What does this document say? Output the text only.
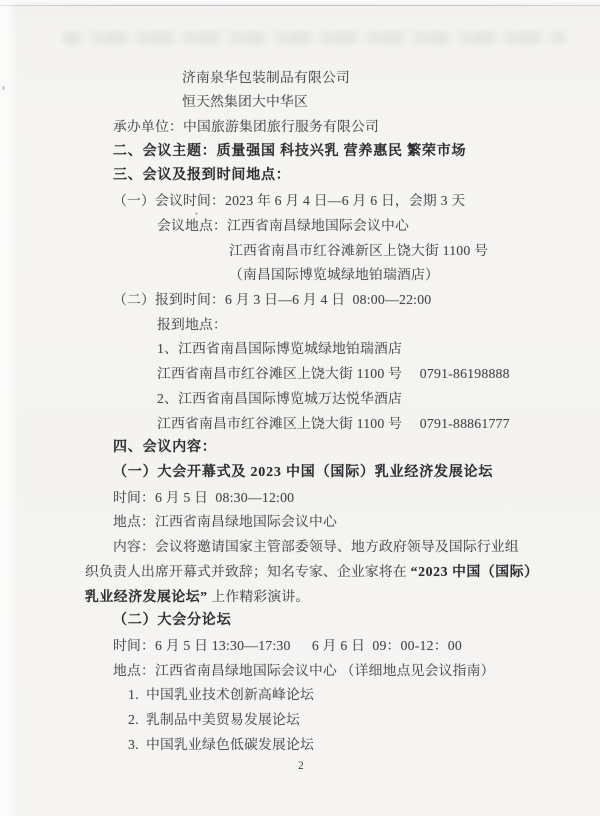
济南泉华包装制品有限公司
恒天然集团大中华区
承办单位：中国旅游集团旅行服务有限公司
二、会议主题：质量强国 科技兴乳 营养惠民 繁荣市场
三、会议及报到时间地点：
（一）会议时间：2023 年 6 月 4 日—6 月 6 日，会期 3 天
会议地点：江西省南昌绿地国际会议中心
江西省南昌市红谷滩新区上饶大街 1100 号
（南昌国际博览城绿地铂瑞酒店）
（二）报到时间：6 月 3 日—6 月 4 日  08:00—22:00
报到地点：
1、江西省南昌国际博览城绿地铂瑞酒店
江西省南昌市红谷滩区上饶大街 1100 号　 0791-86198888
2、江西省南昌国际博览城万达悦华酒店
江西省南昌市红谷滩区上饶大街 1100 号　 0791-88861777
四、会议内容：
（一）大会开幕式及 2023 中国（国际）乳业经济发展论坛
时间：6 月 5 日  08:30—12:00
地点：江西省南昌绿地国际会议中心
内容：会议将邀请国家主管部委领导、地方政府领导及国际行业组
织负责人出席开幕式并致辞；知名专家、企业家将在 “2023 中国（国际）
乳业经济发展论坛” 上作精彩演讲。
（二）大会分论坛
时间：6 月 5 日 13:30—17:30　  6 月 6 日  09：00-12：00
地点：江西省南昌绿地国际会议中心 （详细地点见会议指南）
1.  中国乳业技术创新高峰论坛
2.  乳制品中美贸易发展论坛
3.  中国乳业绿色低碳发展论坛
2
